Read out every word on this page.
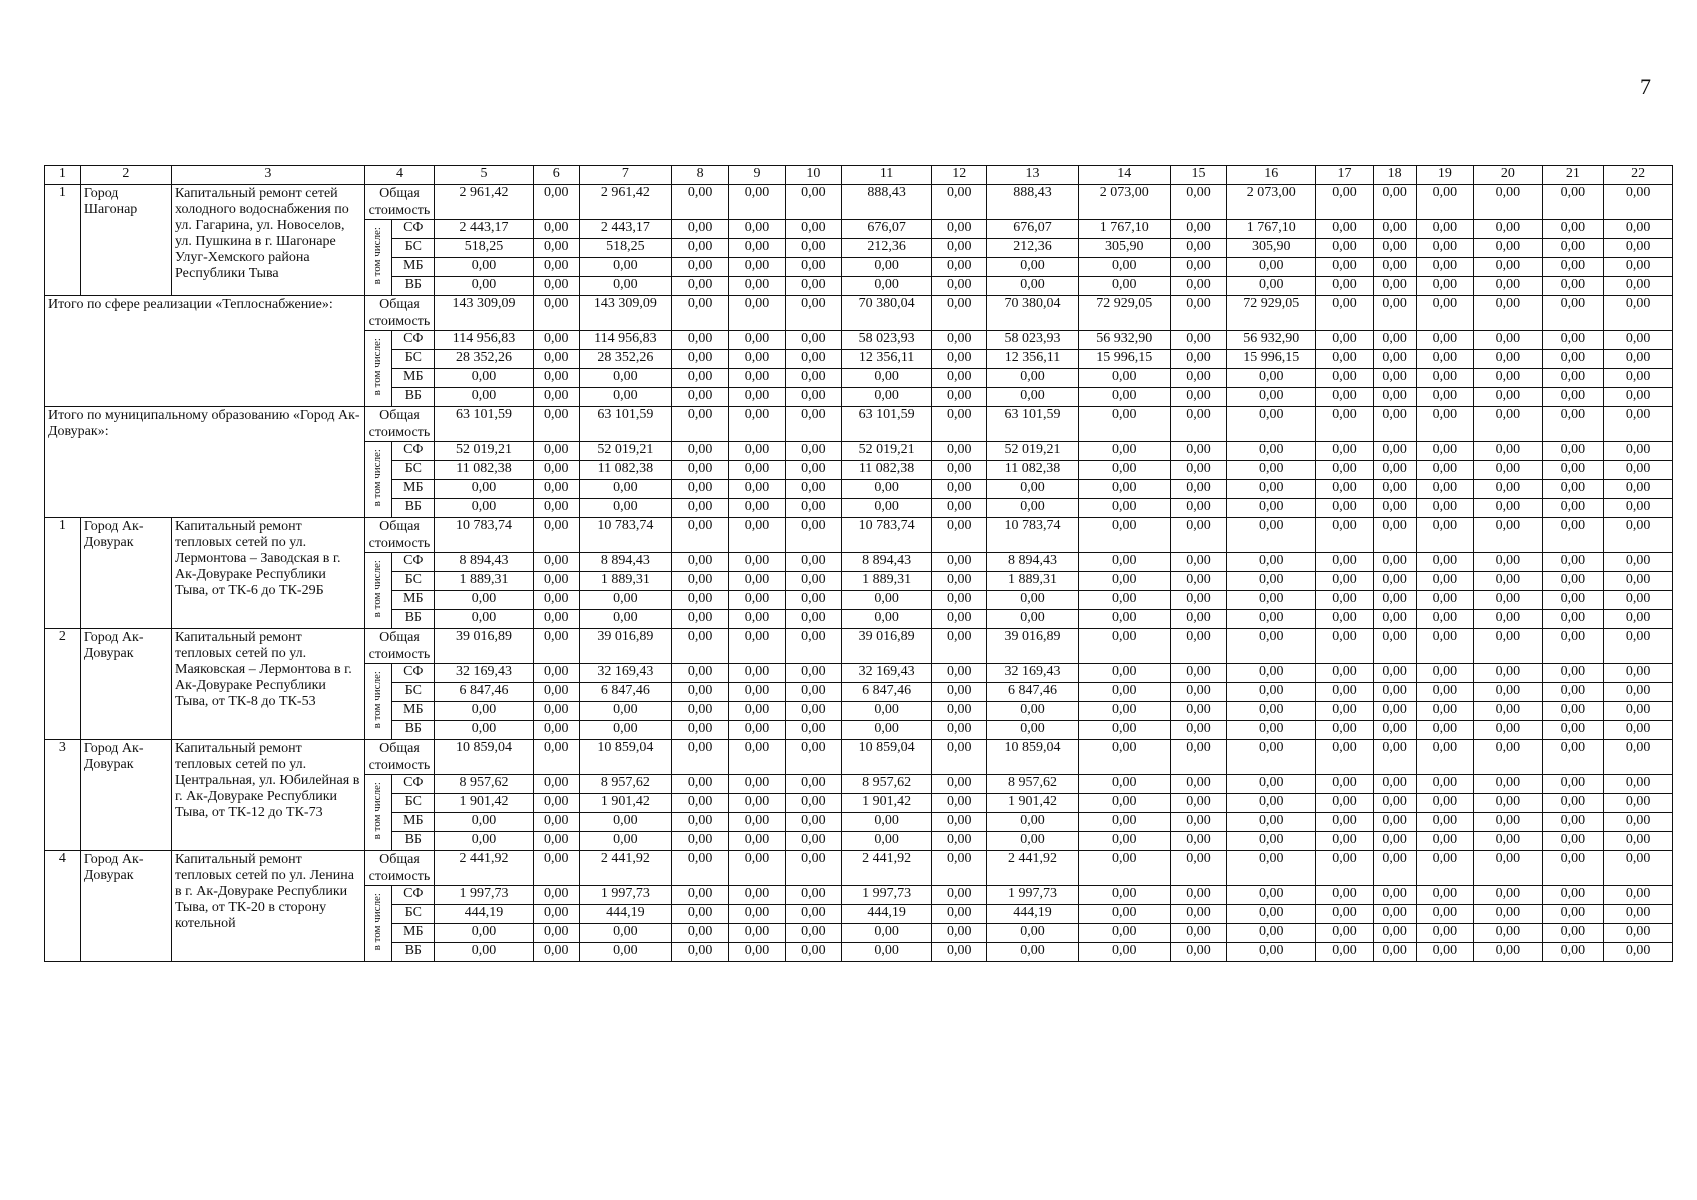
7
1	2	3	4		5	6	7	8	9	10	11	12	13	14	15	16	17	18	19	20	21	22
1	Город Шагонар	Капитальный ремонт сетей холодного водоснабжения по ул. Гагарина, ул. Новоселов, ул. Пушкина в г. Шагонаре Улуг-Хемского района Республики Тыва	Общая стоимость		2 961,42	0,00	2 961,42	0,00	0,00	0,00	888,43	0,00	888,43	2 073,00	0,00	2 073,00	0,00	0,00	0,00	0,00	0,00	0,00
			в том числе:	СФ	2 443,17	0,00	2 443,17	0,00	0,00	0,00	676,07	0,00	676,07	1 767,10	0,00	1 767,10	0,00	0,00	0,00	0,00	0,00	0,00
				БС	518,25	0,00	518,25	0,00	0,00	0,00	212,36	0,00	212,36	305,90	0,00	305,90	0,00	0,00	0,00	0,00	0,00	0,00
				МБ	0,00	0,00	0,00	0,00	0,00	0,00	0,00	0,00	0,00	0,00	0,00	0,00	0,00	0,00	0,00	0,00	0,00	0,00
				ВБ	0,00	0,00	0,00	0,00	0,00	0,00	0,00	0,00	0,00	0,00	0,00	0,00	0,00	0,00	0,00	0,00	0,00	0,00
Итого по сфере реализации «Теплоснабжение»:			Общая стоимость		143 309,09	0,00	143 309,09	0,00	0,00	0,00	70 380,04	0,00	70 380,04	72 929,05	0,00	72 929,05	0,00	0,00	0,00	0,00	0,00	0,00
			в том числе:	СФ	114 956,83	0,00	114 956,83	0,00	0,00	0,00	58 023,93	0,00	58 023,93	56 932,90	0,00	56 932,90	0,00	0,00	0,00	0,00	0,00	0,00
				БС	28 352,26	0,00	28 352,26	0,00	0,00	0,00	12 356,11	0,00	12 356,11	15 996,15	0,00	15 996,15	0,00	0,00	0,00	0,00	0,00	0,00
				МБ	0,00	0,00	0,00	0,00	0,00	0,00	0,00	0,00	0,00	0,00	0,00	0,00	0,00	0,00	0,00	0,00	0,00	0,00
				ВБ	0,00	0,00	0,00	0,00	0,00	0,00	0,00	0,00	0,00	0,00	0,00	0,00	0,00	0,00	0,00	0,00	0,00	0,00
Итого по муниципальному образованию «Город Ак-Довурак»:			Общая стоимость		63 101,59	0,00	63 101,59	0,00	0,00	0,00	63 101,59	0,00	63 101,59	0,00	0,00	0,00	0,00	0,00	0,00	0,00	0,00	0,00
			в том числе:	СФ	52 019,21	0,00	52 019,21	0,00	0,00	0,00	52 019,21	0,00	52 019,21	0,00	0,00	0,00	0,00	0,00	0,00	0,00	0,00	0,00
				БС	11 082,38	0,00	11 082,38	0,00	0,00	0,00	11 082,38	0,00	11 082,38	0,00	0,00	0,00	0,00	0,00	0,00	0,00	0,00	0,00
				МБ	0,00	0,00	0,00	0,00	0,00	0,00	0,00	0,00	0,00	0,00	0,00	0,00	0,00	0,00	0,00	0,00	0,00	0,00
				ВБ	0,00	0,00	0,00	0,00	0,00	0,00	0,00	0,00	0,00	0,00	0,00	0,00	0,00	0,00	0,00	0,00	0,00	0,00
1	Город Ак-Довурак	Капитальный ремонт тепловых сетей по ул. Лермонтова – Заводская в г. Ак-Довураке Республики Тыва, от ТК-6 до ТК-29Б	Общая стоимость		10 783,74	0,00	10 783,74	0,00	0,00	0,00	10 783,74	0,00	10 783,74	0,00	0,00	0,00	0,00	0,00	0,00	0,00	0,00	0,00
			в том числе:	СФ	8 894,43	0,00	8 894,43	0,00	0,00	0,00	8 894,43	0,00	8 894,43	0,00	0,00	0,00	0,00	0,00	0,00	0,00	0,00	0,00
				БС	1 889,31	0,00	1 889,31	0,00	0,00	0,00	1 889,31	0,00	1 889,31	0,00	0,00	0,00	0,00	0,00	0,00	0,00	0,00	0,00
				МБ	0,00	0,00	0,00	0,00	0,00	0,00	0,00	0,00	0,00	0,00	0,00	0,00	0,00	0,00	0,00	0,00	0,00	0,00
				ВБ	0,00	0,00	0,00	0,00	0,00	0,00	0,00	0,00	0,00	0,00	0,00	0,00	0,00	0,00	0,00	0,00	0,00	0,00
2	Город Ак-Довурак	Капитальный ремонт тепловых сетей по ул. Маяковская – Лермонтова в г. Ак-Довураке Республики Тыва, от ТК-8 до ТК-53	Общая стоимость		39 016,89	0,00	39 016,89	0,00	0,00	0,00	39 016,89	0,00	39 016,89	0,00	0,00	0,00	0,00	0,00	0,00	0,00	0,00	0,00
			в том числе:	СФ	32 169,43	0,00	32 169,43	0,00	0,00	0,00	32 169,43	0,00	32 169,43	0,00	0,00	0,00	0,00	0,00	0,00	0,00	0,00	0,00
				БС	6 847,46	0,00	6 847,46	0,00	0,00	0,00	6 847,46	0,00	6 847,46	0,00	0,00	0,00	0,00	0,00	0,00	0,00	0,00	0,00
				МБ	0,00	0,00	0,00	0,00	0,00	0,00	0,00	0,00	0,00	0,00	0,00	0,00	0,00	0,00	0,00	0,00	0,00	0,00
				ВБ	0,00	0,00	0,00	0,00	0,00	0,00	0,00	0,00	0,00	0,00	0,00	0,00	0,00	0,00	0,00	0,00	0,00	0,00
3	Город Ак-Довурак	Капитальный ремонт тепловых сетей по ул. Центральная, ул. Юбилейная в г. Ак-Довураке Республики Тыва, от ТК-12 до ТК-73	Общая стоимость		10 859,04	0,00	10 859,04	0,00	0,00	0,00	10 859,04	0,00	10 859,04	0,00	0,00	0,00	0,00	0,00	0,00	0,00	0,00	0,00
			в том числе:	СФ	8 957,62	0,00	8 957,62	0,00	0,00	0,00	8 957,62	0,00	8 957,62	0,00	0,00	0,00	0,00	0,00	0,00	0,00	0,00	0,00
				БС	1 901,42	0,00	1 901,42	0,00	0,00	0,00	1 901,42	0,00	1 901,42	0,00	0,00	0,00	0,00	0,00	0,00	0,00	0,00	0,00
				МБ	0,00	0,00	0,00	0,00	0,00	0,00	0,00	0,00	0,00	0,00	0,00	0,00	0,00	0,00	0,00	0,00	0,00	0,00
				ВБ	0,00	0,00	0,00	0,00	0,00	0,00	0,00	0,00	0,00	0,00	0,00	0,00	0,00	0,00	0,00	0,00	0,00	0,00
4	Город Ак-Довурак	Капитальный ремонт тепловых сетей по ул. Ленина в г. Ак-Довураке Республики Тыва, от ТК-20 в сторону котельной	Общая стоимость		2 441,92	0,00	2 441,92	0,00	0,00	0,00	2 441,92	0,00	2 441,92	0,00	0,00	0,00	0,00	0,00	0,00	0,00	0,00	0,00
			в том числе:	СФ	1 997,73	0,00	1 997,73	0,00	0,00	0,00	1 997,73	0,00	1 997,73	0,00	0,00	0,00	0,00	0,00	0,00	0,00	0,00	0,00
				БС	444,19	0,00	444,19	0,00	0,00	0,00	444,19	0,00	444,19	0,00	0,00	0,00	0,00	0,00	0,00	0,00	0,00	0,00
				МБ	0,00	0,00	0,00	0,00	0,00	0,00	0,00	0,00	0,00	0,00	0,00	0,00	0,00	0,00	0,00	0,00	0,00	0,00
				ВБ	0,00	0,00	0,00	0,00	0,00	0,00	0,00	0,00	0,00	0,00	0,00	0,00	0,00	0,00	0,00	0,00	0,00	0,00
